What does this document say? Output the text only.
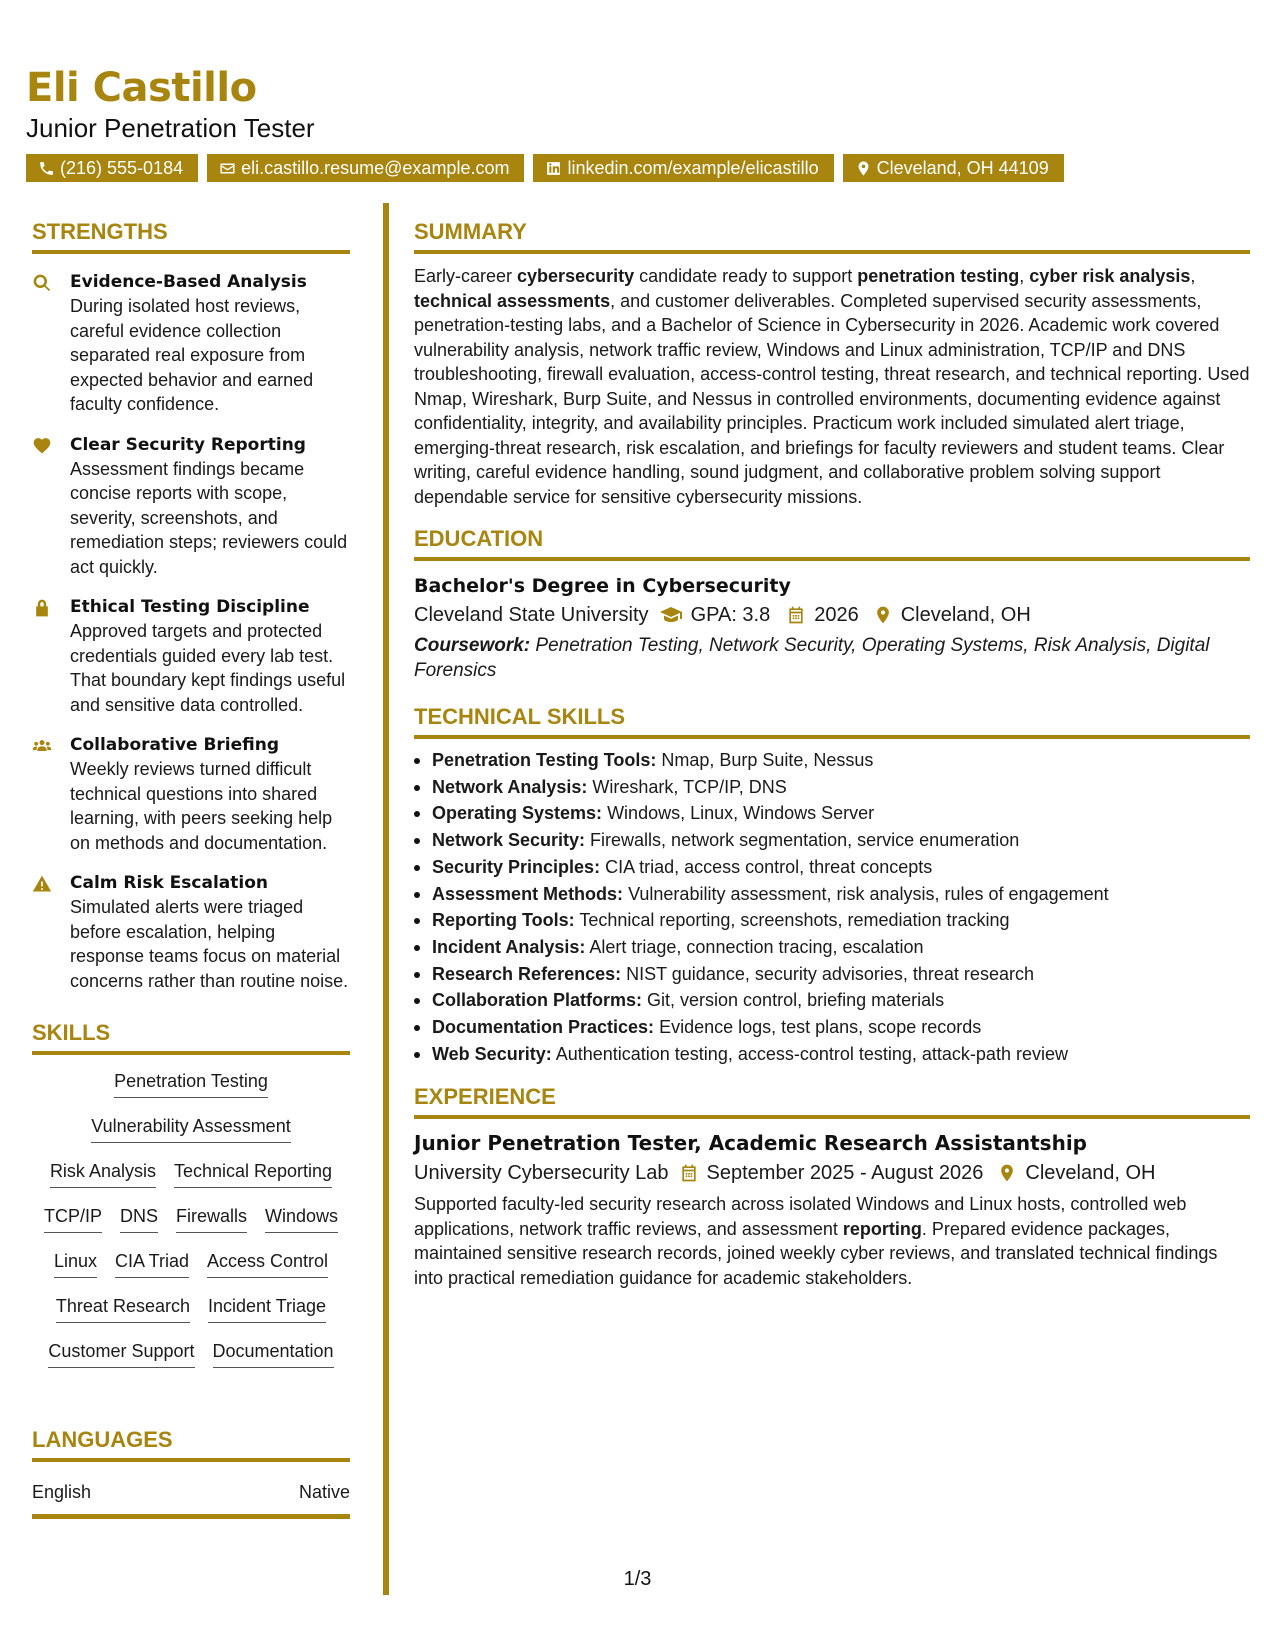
Eli Castillo
Junior Penetration Tester
(216) 555-0184	eli.castillo.resume@example.com	linkedin.com/example/elicastillo	Cleveland, OH 44109
STRENGTHS
Evidence-Based Analysis
During isolated host reviews, careful evidence collection separated real exposure from expected behavior and earned faculty confidence.
Clear Security Reporting
Assessment findings became concise reports with scope, severity, screenshots, and remediation steps; reviewers could act quickly.
Ethical Testing Discipline
Approved targets and protected credentials guided every lab test. That boundary kept findings useful and sensitive data controlled.
Collaborative Briefing
Weekly reviews turned difficult technical questions into shared learning, with peers seeking help on methods and documentation.
Calm Risk Escalation
Simulated alerts were triaged before escalation, helping response teams focus on material concerns rather than routine noise.
SKILLS
Penetration Testing
Vulnerability Assessment
Risk Analysis Technical Reporting
TCP/IP DNS Firewalls Windows
Linux CIA Triad Access Control
Threat Research Incident Triage
Customer Support Documentation
LANGUAGES
English	Native
SUMMARY
Early-career cybersecurity candidate ready to support penetration testing, cyber risk analysis, technical assessments, and customer deliverables. Completed supervised security assessments, penetration-testing labs, and a Bachelor of Science in Cybersecurity in 2026. Academic work covered vulnerability analysis, network traffic review, Windows and Linux administration, TCP/IP and DNS troubleshooting, firewall evaluation, access-control testing, threat research, and technical reporting. Used Nmap, Wireshark, Burp Suite, and Nessus in controlled environments, documenting evidence against confidentiality, integrity, and availability principles. Practicum work included simulated alert triage, emerging-threat research, risk escalation, and briefings for faculty reviewers and student teams. Clear writing, careful evidence handling, sound judgment, and collaborative problem solving support dependable service for sensitive cybersecurity missions.
EDUCATION
Bachelor's Degree in Cybersecurity
Cleveland State University GPA: 3.8 2026 Cleveland, OH
Coursework: Penetration Testing, Network Security, Operating Systems, Risk Analysis, Digital Forensics
TECHNICAL SKILLS
Penetration Testing Tools: Nmap, Burp Suite, Nessus
Network Analysis: Wireshark, TCP/IP, DNS
Operating Systems: Windows, Linux, Windows Server
Network Security: Firewalls, network segmentation, service enumeration
Security Principles: CIA triad, access control, threat concepts
Assessment Methods: Vulnerability assessment, risk analysis, rules of engagement
Reporting Tools: Technical reporting, screenshots, remediation tracking
Incident Analysis: Alert triage, connection tracing, escalation
Research References: NIST guidance, security advisories, threat research
Collaboration Platforms: Git, version control, briefing materials
Documentation Practices: Evidence logs, test plans, scope records
Web Security: Authentication testing, access-control testing, attack-path review
EXPERIENCE
Junior Penetration Tester, Academic Research Assistantship
University Cybersecurity Lab September 2025 - August 2026 Cleveland, OH
Supported faculty-led security research across isolated Windows and Linux hosts, controlled web applications, network traffic reviews, and assessment reporting. Prepared evidence packages, maintained sensitive research records, joined weekly cyber reviews, and translated technical findings into practical remediation guidance for academic stakeholders.
1/3
